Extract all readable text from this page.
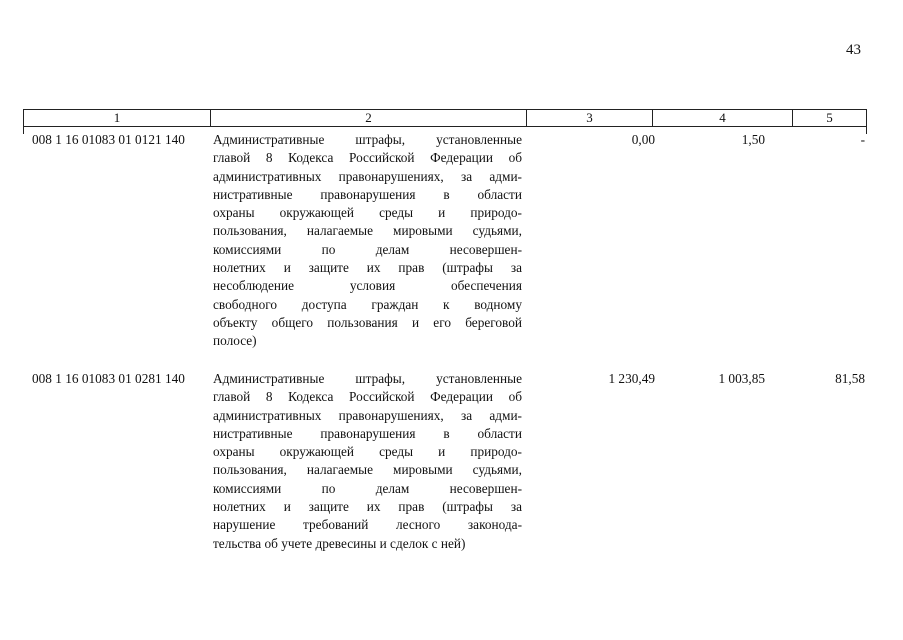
43
1	2	3	4	5
008 1 16 01083 01 0121 140 Административные штрафы, установленные
главой 8 Кодекса Российской Федерации об
административных правонарушениях, за адми-
нистративные правонарушения в области
охраны окружающей среды и природо-
пользования, налагаемые мировыми судьями,
комиссиями по делам несовершен-
нолетних и защите их прав (штрафы за
несоблюдение условия обеспечения
свободного доступа граждан к водному
объекту общего пользования и его береговой
полосе)
0,00	1,50	-
008 1 16 01083 01 0281 140 Административные штрафы, установленные
главой 8 Кодекса Российской Федерации об
административных правонарушениях, за адми-
нистративные правонарушения в области
охраны окружающей среды и природо-
пользования, налагаемые мировыми судьями,
комиссиями по делам несовершен-
нолетних и защите их прав (штрафы за
нарушение требований лесного законода-
тельства об учете древесины и сделок с ней)
1 230,49	1 003,85	81,58
